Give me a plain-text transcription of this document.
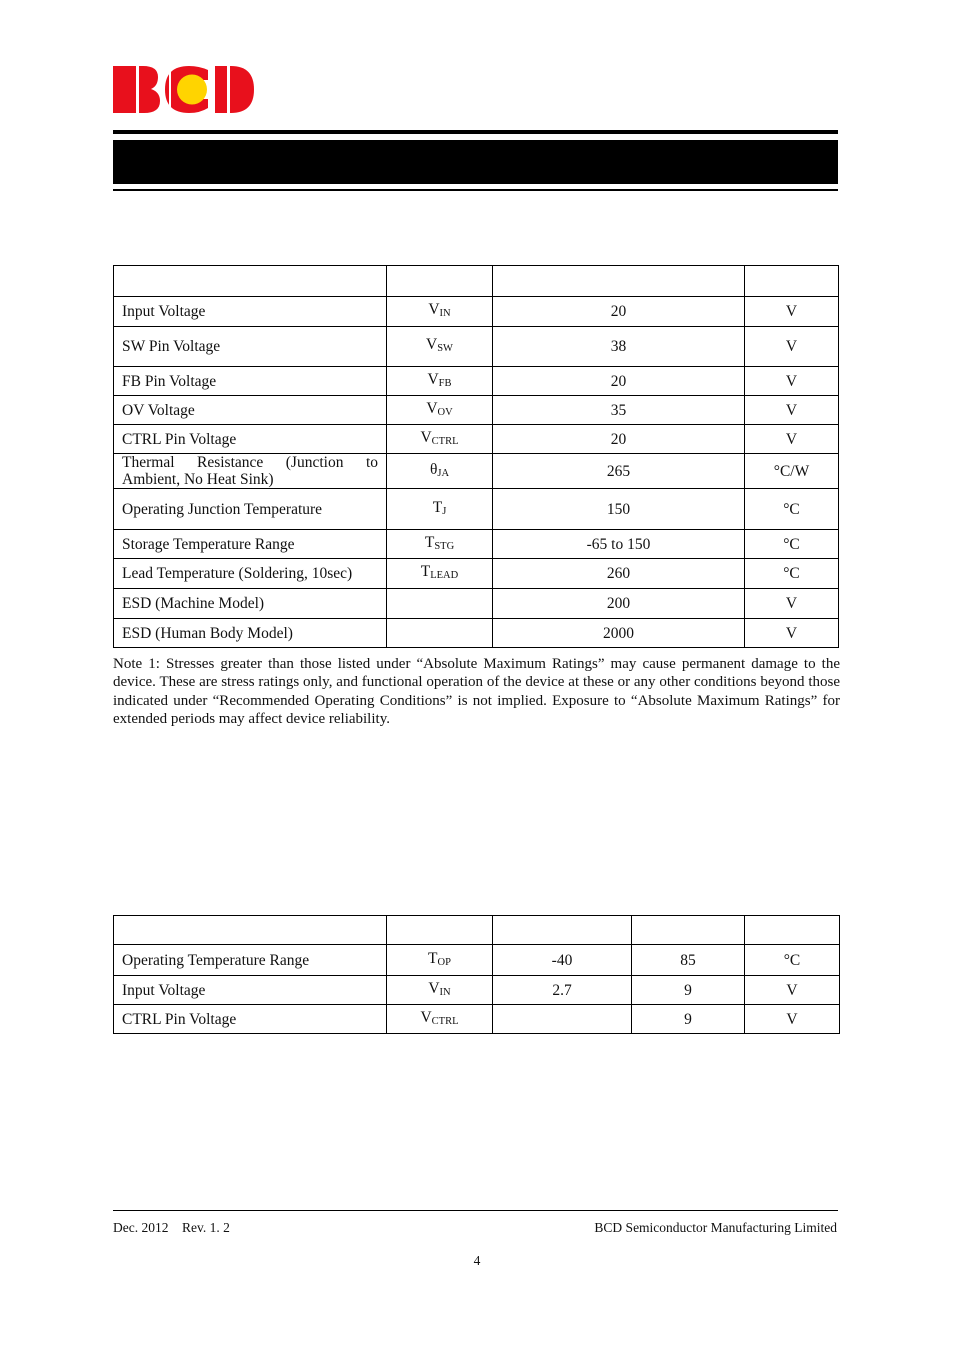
Input Voltage	$V_{IN}$	20	V
SW Pin Voltage	$V_{SW}$	38	V
FB Pin Voltage	$V_{FB}$	20	V
OV Voltage	$V_{OV}$	35	V
CTRL Pin Voltage	$V_{CTRL}$	20	V
Thermal Resistance (Junction to Ambient, No Heat Sink)	$\theta_{JA}$	265	°C/W
Operating Junction Temperature	$T_J$	150	°C
Storage Temperature Range	$T_{STG}$	-65 to 150	°C
Lead Temperature (Soldering, 10sec)	$T_{LEAD}$	260	°C
ESD (Machine Model)		200	V
ESD (Human Body Model)		2000	V
Note 1: Stresses greater than those listed under “Absolute Maximum Ratings” may cause permanent damage to the device. These are stress ratings only, and functional operation of the device at these or any other conditions beyond those indicated under “Recommended Operating Conditions” is not implied. Exposure to “Absolute Maximum Ratings” for extended periods may affect device reliability.

Operating Temperature Range	$T_{OP}$	-40	85	°C
Input Voltage	$V_{IN}$	2.7	9	V
CTRL Pin Voltage	$V_{CTRL}$		9	V
Dec. 2012 Rev. 1. 2	BCD Semiconductor Manufacturing Limited
4
